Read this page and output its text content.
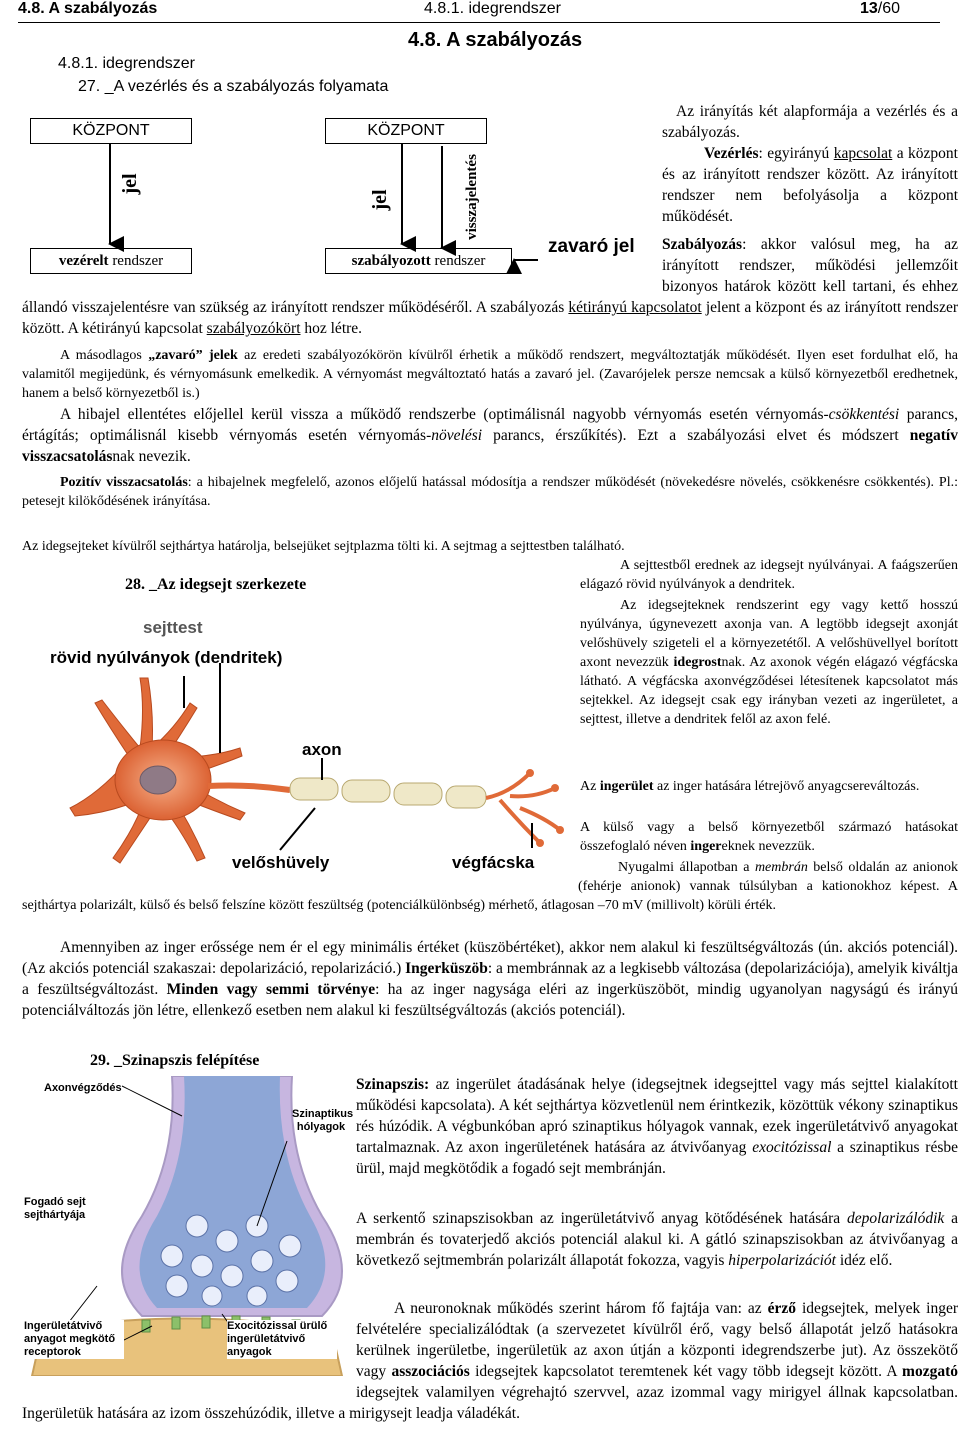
4.8. A szabályozás	4.8.1. idegrendszer	13/60
4.8. A szabályozás
4.8.1. idegrendszer
27. _A vezérlés és a szabályozás folyamata
KÖZPONT	KÖZPONT
vezérelt rendszer	szabályozott rendszer
jel
jel	visszajelentés
zavaró jel
Az irányítás két alapformája a vezérlés és a szabályozás.
Vezérlés: egyirányú kapcsolat a központ és az irányított rendszer között. Az irányított rendszer nem befolyásolja a központ működését.
Szabályozás: akkor valósul meg, ha az irányított rendszer, működési jellemzőit bizonyos határok között kell tartani, és ehhez állandó visszajelentésre van szükség az irányított rendszer működéséről. A szabályozás kétirányú kapcsolatot jelent a központ és az irányított rendszer között. A kétirányú kapcsolat szabályozókört hoz létre.
A másodlagos „zavaró” jelek az eredeti szabályozókörön kívülről érhetik a működő rendszert, megváltoztatják működését. Ilyen eset fordulhat elő, ha valamitől megijedünk, és vérnyomásunk emelkedik. A vérnyomást megváltoztató hatás a zavaró jel. (Zavarójelek persze nemcsak a külső környezetből eredhetnek, hanem a belső környezetből is.)
A hibajel ellentétes előjellel kerül vissza a működő rendszerbe (optimálisnál nagyobb vérnyomás esetén vérnyomás-csökkentési parancs, értágítás; optimálisnál kisebb vérnyomás esetén vérnyomás-növelési parancs, érszűkítés). Ezt a szabályozási elvet és módszert negatív visszacsatolásnak nevezik.
Pozitív visszacsatolás: a hibajelnek megfelelő, azonos előjelű hatással módosítja a rendszer működését (növekedésre növelés, csökkenésre csökkentés). Pl.: petesejt kilökődésének irányítása.
Az idegsejteket kívülről sejthártya határolja, belsejüket sejtplazma tölti ki. A sejtmag a sejttestben található.
28. _Az idegsejt szerkezete
sejttest
rövid nyúlványok (dendritek)
axon
velőshüvely	végfácska
A sejttestből erednek az idegsejt nyúlványai. A faágszerűen elágazó rövid nyúlványok a dendritek.
Az idegsejteknek rendszerint egy vagy kettő hosszú nyúlványa, úgynevezett axonja van. A legtöbb idegsejt axonját velőshüvely szigeteli el a környezetétől. A velőshüvellyel borított axont nevezzük idegrostnak. Az axonok végén elágazó végfácska látható. A végfácska axonvégződései létesítenek kapcsolatot más sejtekkel. Az idegsejt csak egy irányban vezeti az ingerületet, a sejttest, illetve a dendritek felől az axon felé.
Az ingerület az inger hatására létrejövő anyagcsereváltozás.
A külső vagy a belső környezetből származó hatásokat összefoglaló néven ingereknek nevezzük.
Nyugalmi állapotban a membrán belső oldalán az anionok (fehérje anionok) vannak túlsúlyban a kationokhoz képest. A sejthártya polarizált, külső és belső felszíne között feszültség (potenciálkülönbség) mérhető, átlagosan –70 mV (millivolt) körüli érték.
Amennyiben az inger erőssége nem ér el egy minimális értéket (küszöbértéket), akkor nem alakul ki feszültségváltozás (ún. akciós potenciál). (Az akciós potenciál szakaszai: depolarizáció, repolarizáció.) Ingerküszöb: a membránnak az a legkisebb változása (depolarizációja), amelyik kiváltja a feszültségváltozást. Minden vagy semmi törvénye: ha az inger nagysága eléri az ingerküszöböt, mindig ugyanolyan nagyságú és irányú potenciálváltozás jön létre, ellenkező esetben nem alakul ki feszültségváltozás (akciós potenciál).
29. _Szinapszis felépítése
Axonvégződés
Szinaptikus hólyagok
Fogadó sejt sejthártyája
Ingerületátvivő anyagot megkötő receptorok
Exocitózissal ürülő ingerületátvivő anyagok
Szinapszis: az ingerület átadásának helye (idegsejtnek idegsejttel vagy más sejttel kialakított működési kapcsolata). A két sejthártya közvetlenül nem érintkezik, közöttük vékony szinaptikus rés húzódik. A végbunkóban apró szinaptikus hólyagok vannak, ezek ingerületátvivő anyagokat tartalmaznak. Az axon ingerületének hatására az átvivőanyag exocitózissal a szinaptikus résbe ürül, majd megkötődik a fogadó sejt membránján.
A serkentő szinapszisokban az ingerületátvivő anyag kötődésének hatására depolarizálódik a membrán és tovaterjedő akciós potenciál alakul ki. A gátló szinapszisokban az átvivőanyag a következő sejtmembrán polarizált állapotát fokozza, vagyis hiperpolarizációt idéz elő.
A neuronoknak működés szerint három fő fajtája van: az érző idegsejtek, melyek inger felvételére specializálódtak (a szervezetet kívülről érő, vagy belső állapotát jelző hatásokra kerülnek ingerületbe, ingerületük az axon útján a központi idegrendszerbe jut). Az összekötő vagy asszociációs idegsejtek kapcsolatot teremtenek két vagy több idegsejt között. A mozgató idegsejtek valamilyen végrehajtó szervvel, azaz izommal vagy mirigyel állnak kapcsolatban. Ingerületük hatására az izom összehúzódik, illetve a mirigysejt leadja váladékát.
